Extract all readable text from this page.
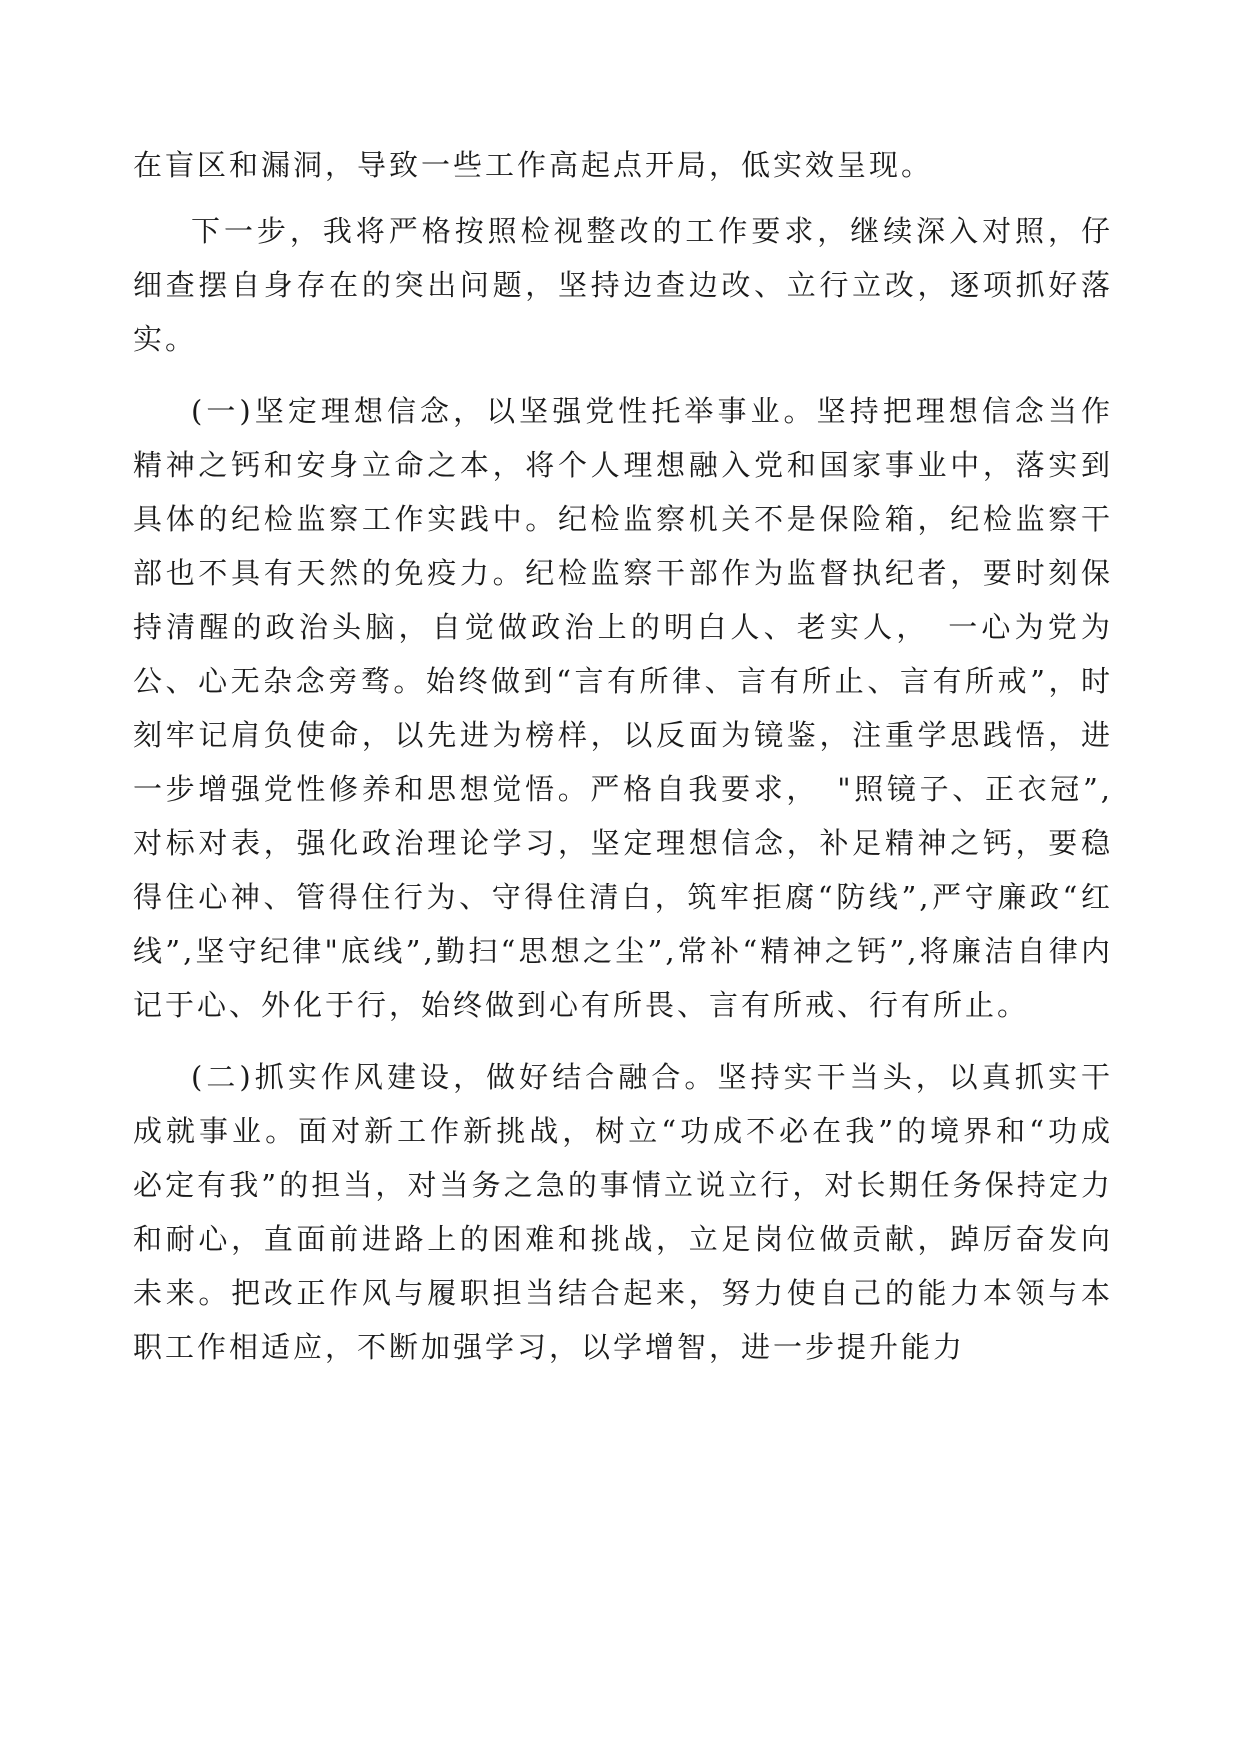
在盲区和漏洞，导致一些工作高起点开局，低实效呈现。

下一步，我将严格按照检视整改的工作要求，继续深入对照，仔细查摆自身存在的突出问题，坚持边查边改、立行立改，逐项抓好落实。

(一)坚定理想信念，以坚强党性托举事业。坚持把理想信念当作精神之钙和安身立命之本，将个人理想融入党和国家事业中，落实到具体的纪检监察工作实践中。纪检监察机关不是保险箱，纪检监察干部也不具有天然的免疫力。纪检监察干部作为监督执纪者，要时刻保持清醒的政治头脑，自觉做政治上的明白人、老实人，　一心为党为公、心无杂念旁骛。始终做到“言有所律、言有所止、言有所戒”，时刻牢记肩负使命，以先进为榜样，以反面为镜鉴，注重学思践悟，进一步增强党性修养和思想觉悟。严格自我要求，　"照镜子、正衣冠”,对标对表，强化政治理论学习，坚定理想信念，补足精神之钙，要稳得住心神、管得住行为、守得住清白，筑牢拒腐“防线”,严守廉政“红线”,坚守纪律"底线”,勤扫“思想之尘”,常补“精神之钙”,将廉洁自律内记于心、外化于行，始终做到心有所畏、言有所戒、行有所止。

(二)抓实作风建设，做好结合融合。坚持实干当头，以真抓实干成就事业。面对新工作新挑战，树立“功成不必在我”的境界和“功成必定有我”的担当，对当务之急的事情立说立行，对长期任务保持定力和耐心，直面前进路上的困难和挑战，立足岗位做贡献，踔厉奋发向未来。把改正作风与履职担当结合起来，努力使自己的能力本领与本职工作相适应，不断加强学习，以学增智，进一步提升能力
